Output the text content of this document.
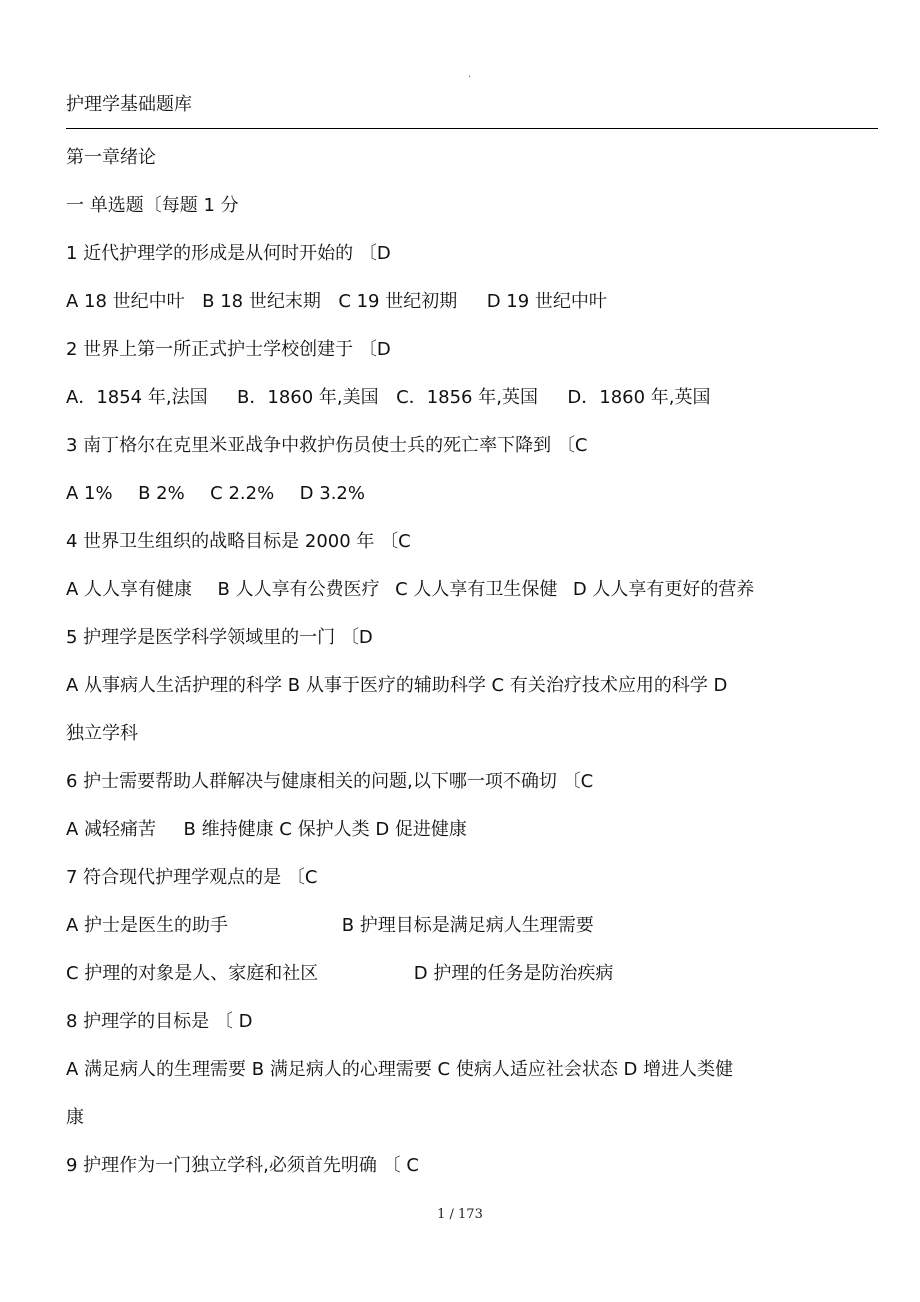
.
护理学基础题库
第一章绪论
一 单选题〔每题 1 分
1 近代护理学的形成是从何时开始的 〔D
A 18 世纪中叶 B 18 世纪末期 C 19 世纪初期 D 19 世纪中叶
2 世界上第一所正式护士学校创建于 〔D
A．1854 年,法国 B．1860 年,美国 C．1856 年,英国 D．1860 年,英国
3 南丁格尔在克里米亚战争中救护伤员使士兵的死亡率下降到 〔C
A 1% B 2% C 2.2% D 3.2%
4 世界卫生组织的战略目标是 2000 年 〔C
A 人人享有健康 B 人人享有公费医疗 C 人人享有卫生保健 D 人人享有更好的营养
5 护理学是医学科学领域里的一门 〔D
A 从事病人生活护理的科学 B 从事于医疗的辅助科学 C 有关治疗技术应用的科学 D
独立学科
6 护士需要帮助人群解决与健康相关的问题,以下哪一项不确切 〔C
A 减轻痛苦 B 维持健康 C 保护人类 D 促进健康
7 符合现代护理学观点的是 〔C
A 护士是医生的助手	B 护理目标是满足病人生理需要
C 护理的对象是人、家庭和社区	D 护理的任务是防治疾病
8 护理学的目标是 〔 D
A 满足病人的生理需要 B 满足病人的心理需要 C 使病人适应社会状态 D 增进人类健
康
9 护理作为一门独立学科,必须首先明确 〔 C
1 / 173
